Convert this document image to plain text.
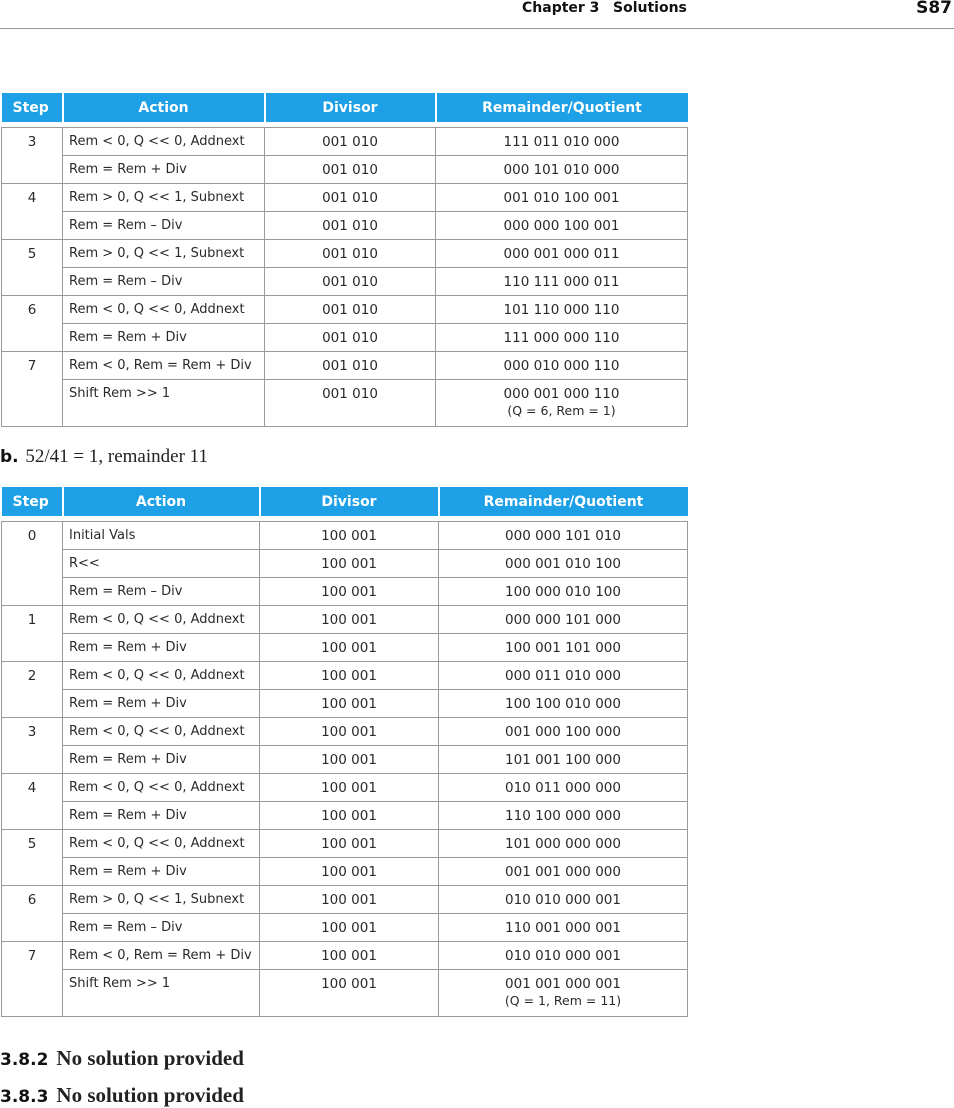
Chapter 3 Solutions	S87
Step	Action	Divisor	Remainder/Quotient

3	Rem < 0, Q << 0, Addnext	001 010	111 011 010 000
	Rem = Rem + Div	001 010	000 101 010 000
4	Rem > 0, Q << 1, Subnext	001 010	001 010 100 001
	Rem = Rem – Div	001 010	000 000 100 001
5	Rem > 0, Q << 1, Subnext	001 010	000 001 000 011
	Rem = Rem – Div	001 010	110 111 000 011
6	Rem < 0, Q << 0, Addnext	001 010	101 110 000 110
	Rem = Rem + Div	001 010	111 000 000 110
7	Rem < 0, Rem = Rem + Div	001 010	000 010 000 110
	Shift Rem >> 1	001 010	000 001 000 110
(Q = 6, Rem = 1)
b. 52/41 = 1, remainder 11
Step	Action	Divisor	Remainder/Quotient

0	Initial Vals	100 001	000 000 101 010
	R<<	100 001	000 001 010 100
	Rem = Rem – Div	100 001	100 000 010 100
1	Rem < 0, Q << 0, Addnext	100 001	000 000 101 000
	Rem = Rem + Div	100 001	100 001 101 000
2	Rem < 0, Q << 0, Addnext	100 001	000 011 010 000
	Rem = Rem + Div	100 001	100 100 010 000
3	Rem < 0, Q << 0, Addnext	100 001	001 000 100 000
	Rem = Rem + Div	100 001	101 001 100 000
4	Rem < 0, Q << 0, Addnext	100 001	010 011 000 000
	Rem = Rem + Div	100 001	110 100 000 000
5	Rem < 0, Q << 0, Addnext	100 001	101 000 000 000
	Rem = Rem + Div	100 001	001 001 000 000
6	Rem > 0, Q << 1, Subnext	100 001	010 010 000 001
	Rem = Rem – Div	100 001	110 001 000 001
7	Rem < 0, Rem = Rem + Div	100 001	010 010 000 001
	Shift Rem >> 1	100 001	001 001 000 001
(Q = 1, Rem = 11)
3.8.2 No solution provided
3.8.3 No solution provided
